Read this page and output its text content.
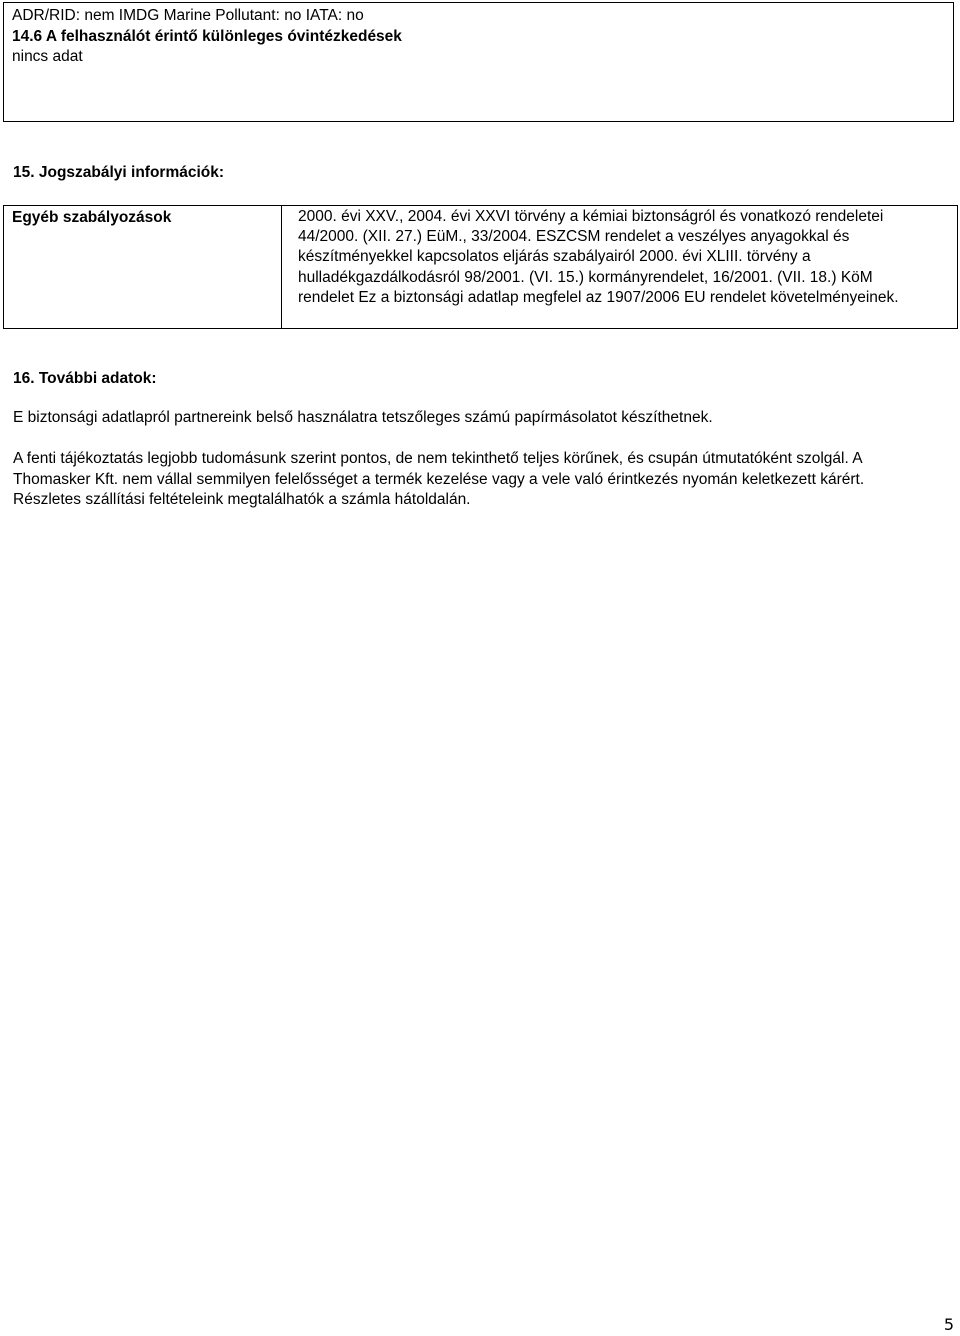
ADR/RID: nem IMDG Marine Pollutant: no IATA: no
14.6 A felhasználót érintő különleges óvintézkedések
nincs adat
15. Jogszabályi információk:
Egyéb szabályozások	2000. évi XXV., 2004. évi XXVI törvény a kémiai biztonságról és vonatkozó rendeletei 44/2000. (XII. 27.) EüM., 33/2004. ESZCSM rendelet a veszélyes anyagokkal és készítményekkel kapcsolatos eljárás szabályairól 2000. évi XLIII. törvény a hulladékgazdálkodásról 98/2001. (VI. 15.) kormányrendelet, 16/2001. (VII. 18.) KöM rendelet Ez a biztonsági adatlap megfelel az 1907/2006 EU rendelet követelményeinek.
16. További adatok:
E biztonsági adatlapról partnereink belső használatra tetszőleges számú papírmásolatot készíthetnek.
A fenti tájékoztatás legjobb tudomásunk szerint pontos, de nem tekinthető teljes körűnek, és csupán útmutatóként szolgál. A Thomasker Kft. nem vállal semmilyen felelősséget a termék kezelése vagy a vele való érintkezés nyomán keletkezett kárért. Részletes szállítási feltételeink megtalálhatók a számla hátoldalán.
5
